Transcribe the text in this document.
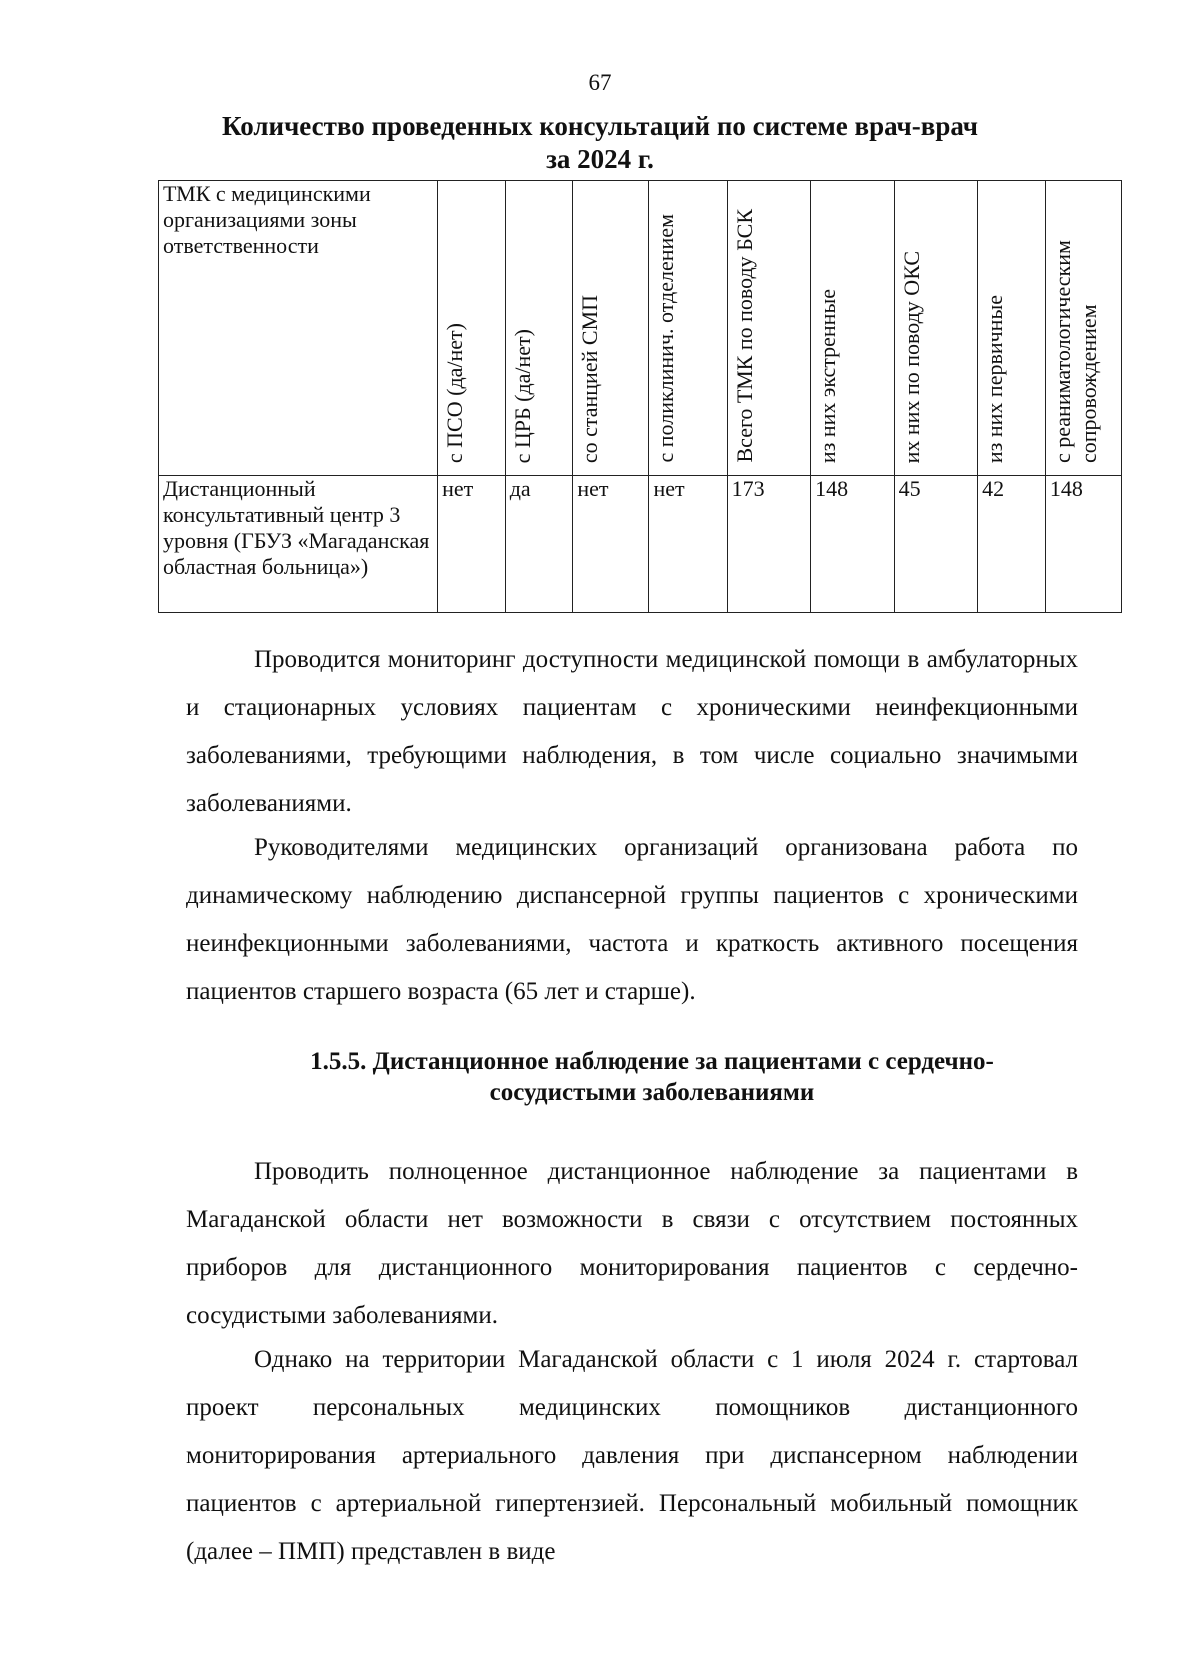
67
Количество проведенных консультаций по системе врач-врач
за 2024 г.
ТМК с медицинскими организациями зоны ответственности	с ПСО (да/нет)	с ЦРБ (да/нет)	со станцией СМП	с поликлинич. отделением	Всего ТМК по поводу БСК	из них экстренные	их них по поводу ОКС	из них первичные	с реаниматологическим сопровождением
Дистанционный консультативный центр 3 уровня (ГБУЗ «Магаданская областная больница»)	нет	да	нет	нет	173	148	45	42	148

Проводится мониторинг доступности медицинской помощи в амбулаторных и стационарных условиях пациентам с хроническими неинфекционными заболеваниями, требующими наблюдения, в том числе социально значимыми заболеваниями.

Руководителями медицинских организаций организована работа по динамическому наблюдению диспансерной группы пациентов с хроническими неинфекционными заболеваниями, частота и краткость активного посещения пациентов старшего возраста (65 лет и старше).

1.5.5. Дистанционное наблюдение за пациентами с сердечно-
сосудистыми заболеваниями

Проводить полноценное дистанционное наблюдение за пациентами в Магаданской области нет возможности в связи с отсутствием постоянных приборов для дистанционного мониторирования пациентов с сердечно-сосудистыми заболеваниями.

Однако на территории Магаданской области с 1 июля 2024 г. стартовал проект персональных медицинских помощников дистанционного мониторирования артериального давления при диспансерном наблюдении пациентов с артериальной гипертензией. Персональный мобильный помощник (далее – ПМП) представлен в виде
